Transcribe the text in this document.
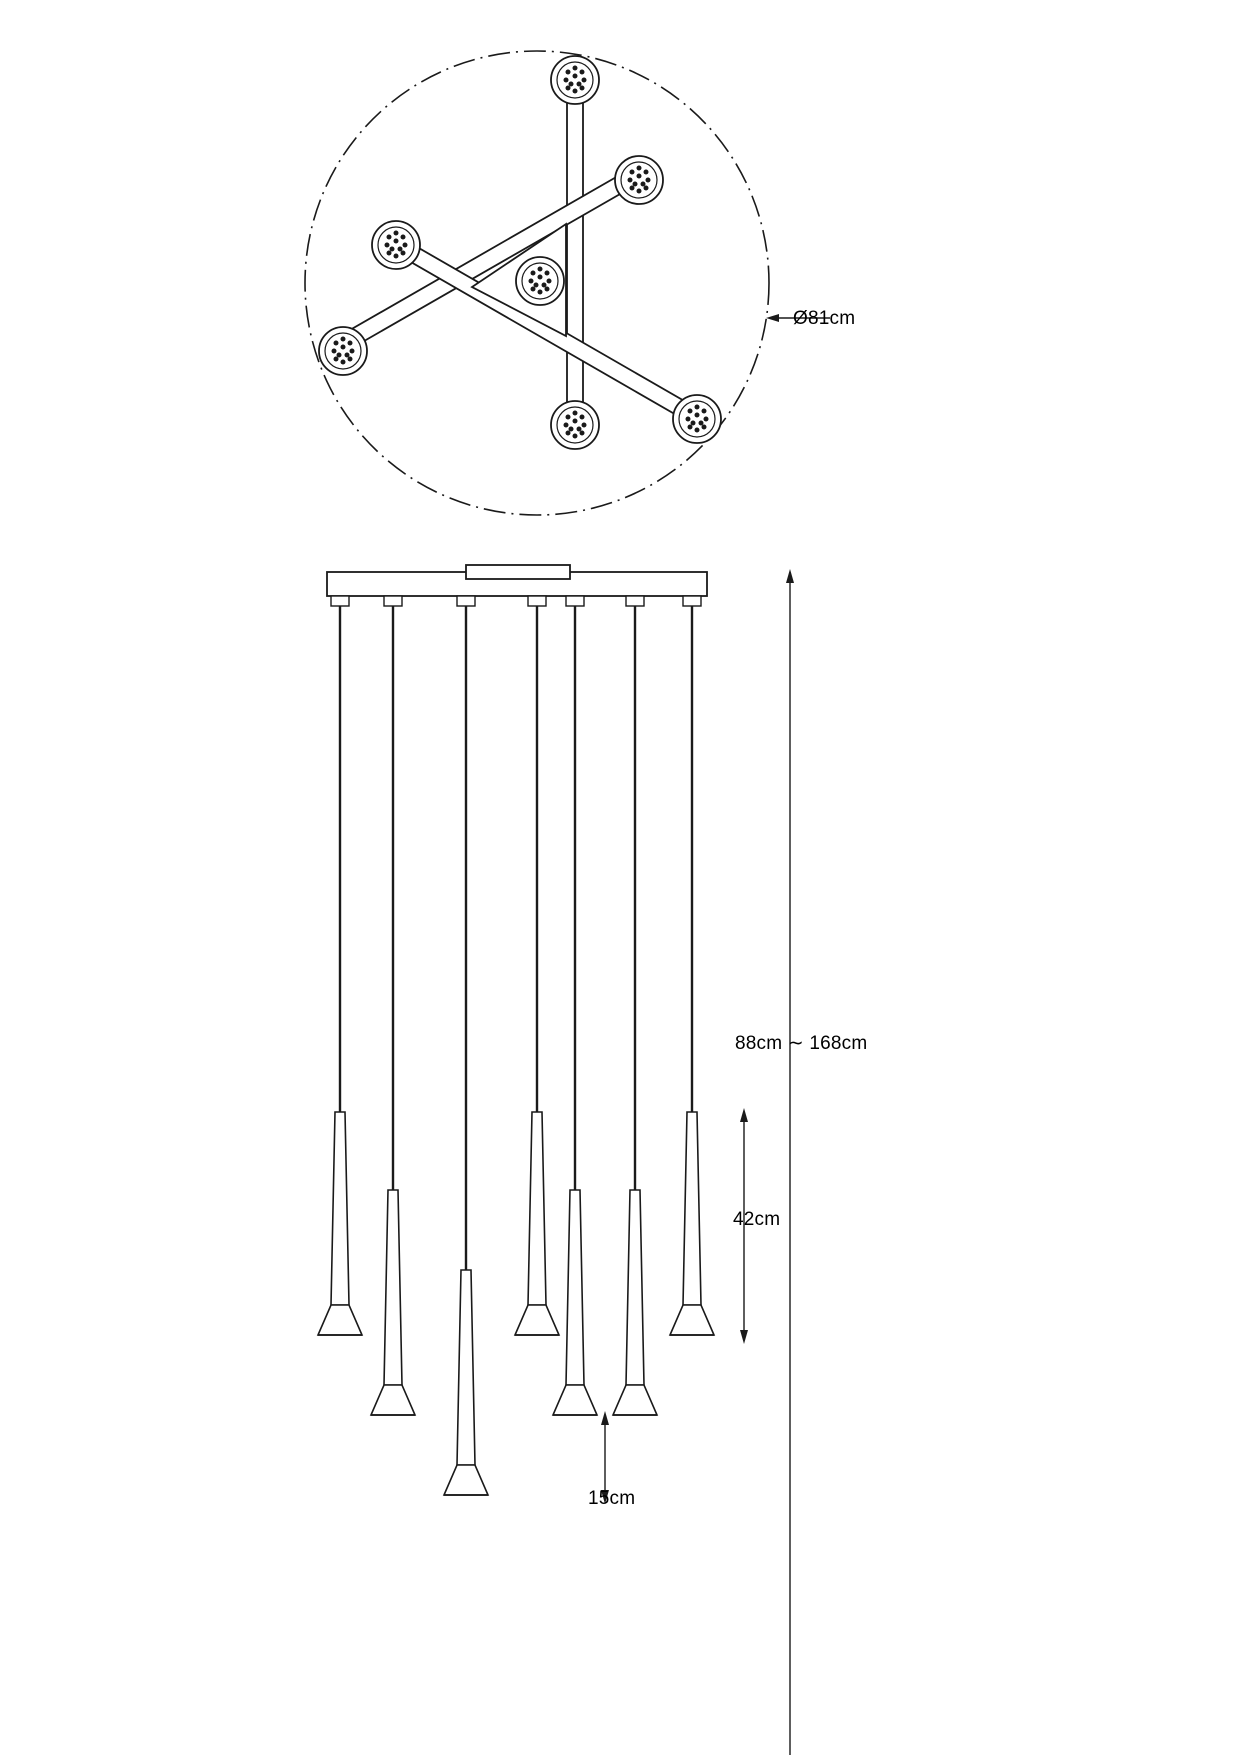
Ø81cm
88cm ∼ 168cm
42cm
15cm
